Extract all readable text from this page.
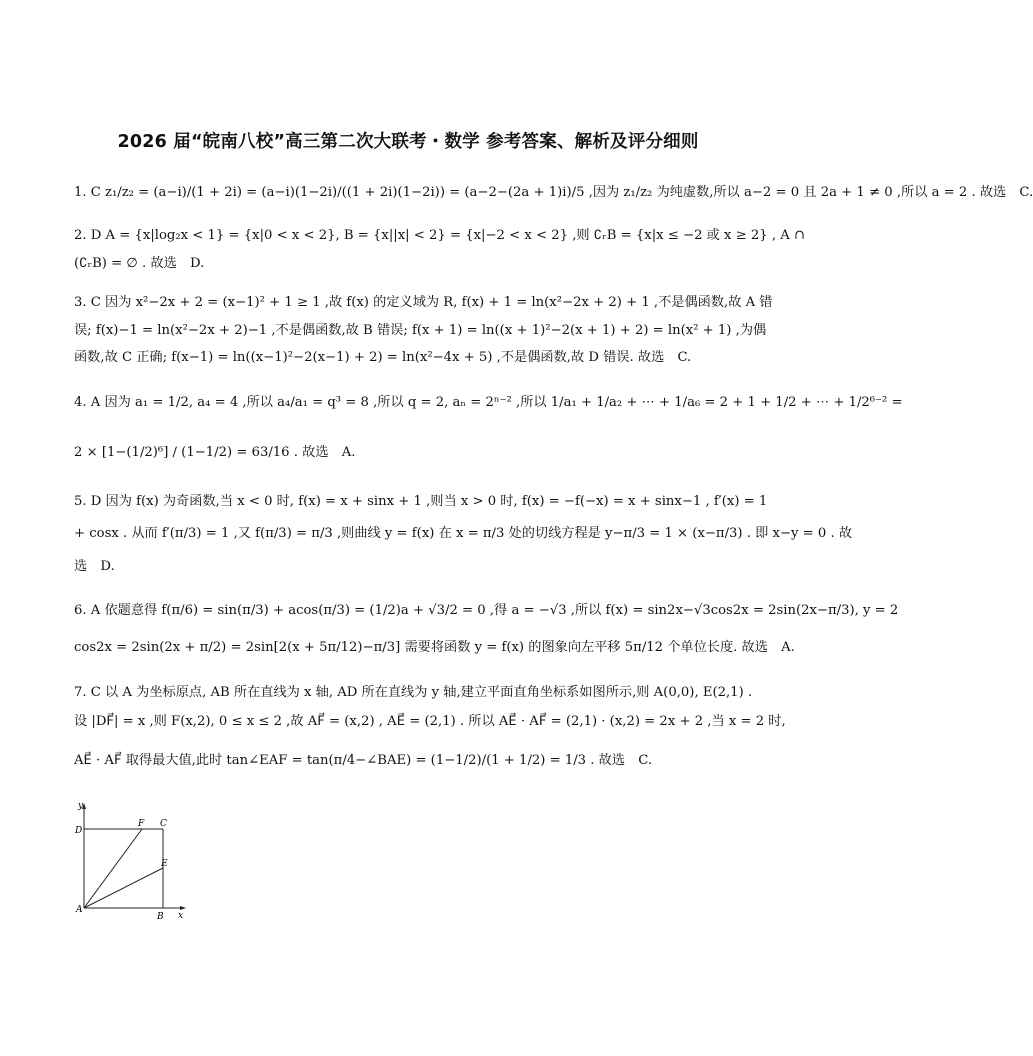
2026 届“皖南八校”高三第二次大联考・数学 参考答案、解析及评分细则
1. C z₁/z₂ = (a−i)/(1 + 2i) = (a−i)(1−2i)/((1 + 2i)(1−2i)) = (a−2−(2a + 1)i)/5 ,因为 z₁/z₂ 为纯虚数,所以 a−2 = 0 且 2a + 1 ≠ 0 ,所以 a = 2 . 故选　C.
2. D A = {x|log₂x < 1} = {x|0 < x < 2}, B = {x||x| < 2} = {x|−2 < x < 2} ,则 ∁ᵣB = {x|x ≤ −2 或 x ≥ 2} , A ∩
(∁ᵣB) = ∅ . 故选　D.
3. C 因为 x²−2x + 2 = (x−1)² + 1 ≥ 1 ,故 f(x) 的定义域为 R, f(x) + 1 = ln(x²−2x + 2) + 1 ,不是偶函数,故 A 错
误; f(x)−1 = ln(x²−2x + 2)−1 ,不是偶函数,故 B 错误; f(x + 1) = ln((x + 1)²−2(x + 1) + 2) = ln(x² + 1) ,为偶
函数,故 C 正确; f(x−1) = ln((x−1)²−2(x−1) + 2) = ln(x²−4x + 5) ,不是偶函数,故 D 错误. 故选　C.
4. A 因为 a₁ = 1/2, a₄ = 4 ,所以 a₄/a₁ = q³ = 8 ,所以 q = 2, aₙ = 2ⁿ⁻² ,所以 1/a₁ + 1/a₂ + ⋯ + 1/a₆ = 2 + 1 + 1/2 + ⋯ + 1/2⁶⁻² =
2 × [1−(1/2)⁶] / (1−1/2) = 63/16 . 故选　A.
5. D 因为 f(x) 为奇函数,当 x < 0 时, f(x) = x + sinx + 1 ,则当 x > 0 时, f(x) = −f(−x) = x + sinx−1 , f′(x) = 1
+ cosx . 从而 f′(π/3) = 1 ,又 f(π/3) = π/3 ,则曲线 y = f(x) 在 x = π/3 处的切线方程是 y−π/3 = 1 × (x−π/3) . 即 x−y = 0 . 故
选　D.
6. A 依题意得 f(π/6) = sin(π/3) + acos(π/3) = (1/2)a + √3/2 = 0 ,得 a = −√3 ,所以 f(x) = sin2x−√3cos2x = 2sin(2x−π/3), y = 2
cos2x = 2sin(2x + π/2) = 2sin[2(x + 5π/12)−π/3] 需要将函数 y = f(x) 的图象向左平移 5π/12 个单位长度. 故选　A.
7. C 以 A 为坐标原点, AB 所在直线为 x 轴, AD 所在直线为 y 轴,建立平面直角坐标系如图所示,则 A(0,0), E(2,1) .
设 |DF⃗| = x ,则 F(x,2), 0 ≤ x ≤ 2 ,故 AF⃗ = (x,2) , AE⃗ = (2,1) . 所以 AE⃗ · AF⃗ = (2,1) · (x,2) = 2x + 2 ,当 x = 2 时,
AE⃗ · AF⃗ 取得最大值,此时 tan∠EAF = tan(π/4−∠BAE) = (1−1/2)/(1 + 1/2) = 1/3 . 故选　C.
y
x
D
F C
E
A
B
